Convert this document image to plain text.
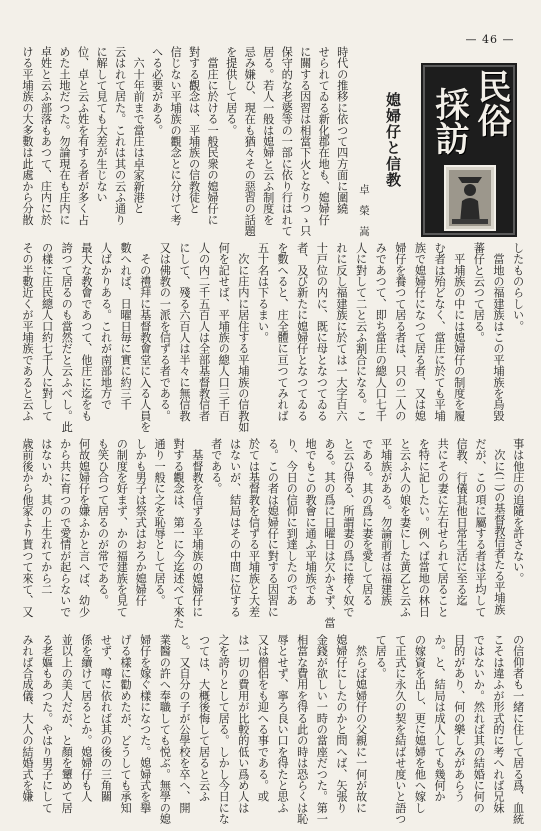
— 46 —
民俗
採訪
媳婦仔と信教
卓　榮　嵩
時代の推移に依つて四方面に圍繞
せられてゐる新化郡在地も、媳婦仔
に關する因習は相當下火となりつゝ只
保守的な老婆等の一部に依り行はれて
居る。若人一般は媳婦と云ふ制度を
忌み嫌ひ、現在も猶々その惡習の話題
を提供して居る。
　當庄に於ける一般民衆の媳婦仔に
對する觀念は、平埔族の信教徒と
信じない平埔族の觀念とに分けて考
へる必要がある。
　六十年前まで當庄は卓家新港と
云はれて居た。これは其の云ふ通り
に解して見ても大差が生じない
位、卓と云ふ姓を有する者が多く占
めた土地だつた。勿論現在も庄内に
卓姓と云ふ部落もあつて、庄内に於
ける平埔族の大多數は此處から分散
したものらしい。
　當地の福建族はこの平埔族を烏毀
蕃仔と云つて居る。
　平埔族の中には媳婦仔の制度を履
む者は殆どなく、當庄に於ても平埔
族で媳婦仔になつて居る者、又は媳
婦仔を養つて居る者は、只の二人の
みであつて、即ち當庄の總人口七千
人に對して二と云ふ割合になる。こ
れに反し福建族に於ては一大字百六
十戸位の内に、既に母となつてゐる
者、及び新たに媳婦仔となつてゐる
を數へると、庄全體に亘つてみれば
五十名は下るまい。
　次に庄内に居住する平埔族の信教如
何を記せば、平埔族の總人口三千百
人の内二千五百人は全部基督教信者
にして、殘る六百人は半々に無信教
又は佛教の一派を信ずる者である。
　その禮拜に基督教會堂に入る人員を
數へれば、日曜日毎に實に約三千
人ばかりある。これが南部地方で
最大な教會であつて、他庄に迄をも
誇つて居るのも當然だと云ふべし。此
の樣に庄民總人口約七千人に對して
その半數近くが平埔族であると云ふ
事は他庄の追隨を許さない。
　次に(二)の基督教信者たる平埔族
だが、この項に屬する者は平均して
信教、行儀其他日常生活に至る迄
共にその妻に左右せられて居ること
を特に記したい。例へば當地の林日
と云ふ人の娘を妻にした黄乙と云ふ
平埔族がある。勿論前者は福建族
である。其の爲に妻を愛して居る
と云ひ得る、所謂妻の爲に捲く奴で
ある。其の爲に日曜日は欠かさず、當
地でもこの教會に通ふ平埔族であ
り、今日の信仰に到達したのであ
る。この者は媳婦仔に對する因習に
於ては基督教を信ずる平埔族と大差
はないが、結局はその中間に位する
者である。
　基督教を信ずる平埔族の媳婦仔に
對する觀念は、第一に今迄述べて來た
通り一般に之を恥辱として居る。
しかも男子は祭式はおろか媳婦仔
の制度を好まず、かの福建族を見て
も笑ひ合つて居るのが常である。
何故媳婦仔を嫌ふかと言へば、幼少
から共に育つので愛情が起らないで
はないか、其の上生れてから二
歳前後から他家より貰つて來て、又
の信仰者も一緒に住して居る爲、血統
こそは違ふが形式的に考へれば兄妹
ではないか。然れば其の結婚に何の
目的があり、何の樂しみがあらう
か。と、結局は成人しても幾何か
の嫁資を出し、更に媳婦を他へ嫁し
て正式に永久の契を結ばせ度いと語つ
て居る。
　然らば媳婦仔の父親に一何が故に
媳婦仔にしたのかと問へば、矢張り
金錢が欲しい一時の當座だつた。第一
相當な費用を得る此の時は恐らくは恥
辱とせず、寧ろ良い口を得たと思ふ
又は僧侶をも迎へる事である。或
は一切の費用が比較的低い爲め人は
之を誇りとして居る。しかし今日にな
つては、大概後悔して居ると云ふ
と。又自分の子が公學校を卒へ、開
業醫の許へ奉職しても悦ぶ。無學の媳
婦仔を嫁ぐ樣になつた。媳婦式を擧
げる樣に勸めたが、どうしても承知
せず、噂に依れば其の後の三角關
係を續けて居るとか。媳婦仔も人
並以上の美人だが、と顏を顰めて居
る老嫗もあつた。やはり男子にして
みれば合成儀、大人の結婚式を嫌
